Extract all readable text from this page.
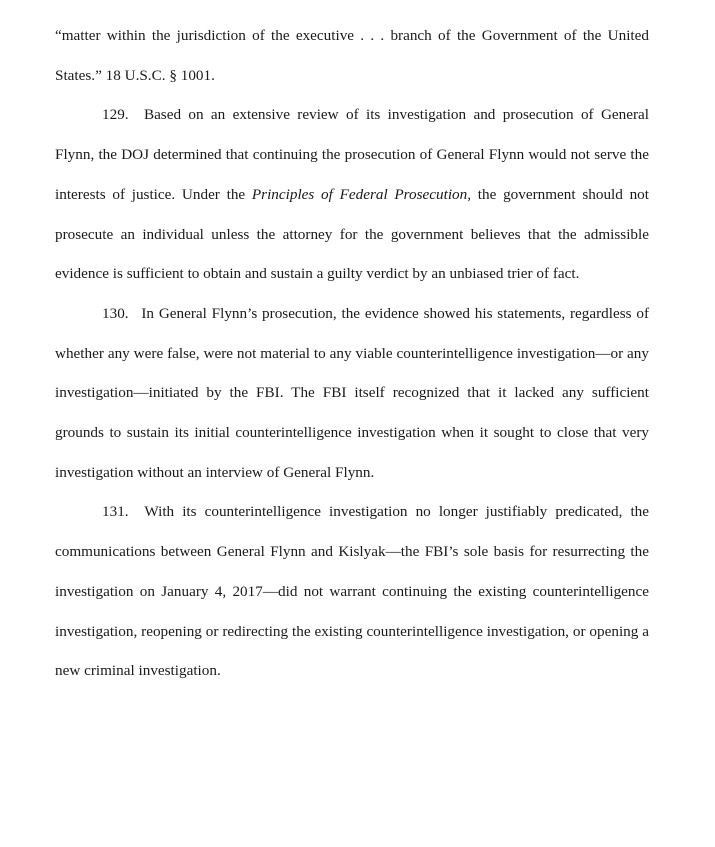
“matter within the jurisdiction of the executive . . . branch of the Government of the United States.” 18 U.S.C. § 1001.

129. Based on an extensive review of its investigation and prosecution of General Flynn, the DOJ determined that continuing the prosecution of General Flynn would not serve the interests of justice. Under the Principles of Federal Prosecution, the government should not prosecute an individual unless the attorney for the government believes that the admissible evidence is sufficient to obtain and sustain a guilty verdict by an unbiased trier of fact.

130. In General Flynn’s prosecution, the evidence showed his statements, regardless of whether any were false, were not material to any viable counterintelligence investigation—or any investigation—initiated by the FBI. The FBI itself recognized that it lacked any sufficient grounds to sustain its initial counterintelligence investigation when it sought to close that very investigation without an interview of General Flynn.

131. With its counterintelligence investigation no longer justifiably predicated, the communications between General Flynn and Kislyak—the FBI’s sole basis for resurrecting the investigation on January 4, 2017—did not warrant continuing the existing counterintelligence investigation, reopening or redirecting the existing counterintelligence investigation, or opening a new criminal investigation.
